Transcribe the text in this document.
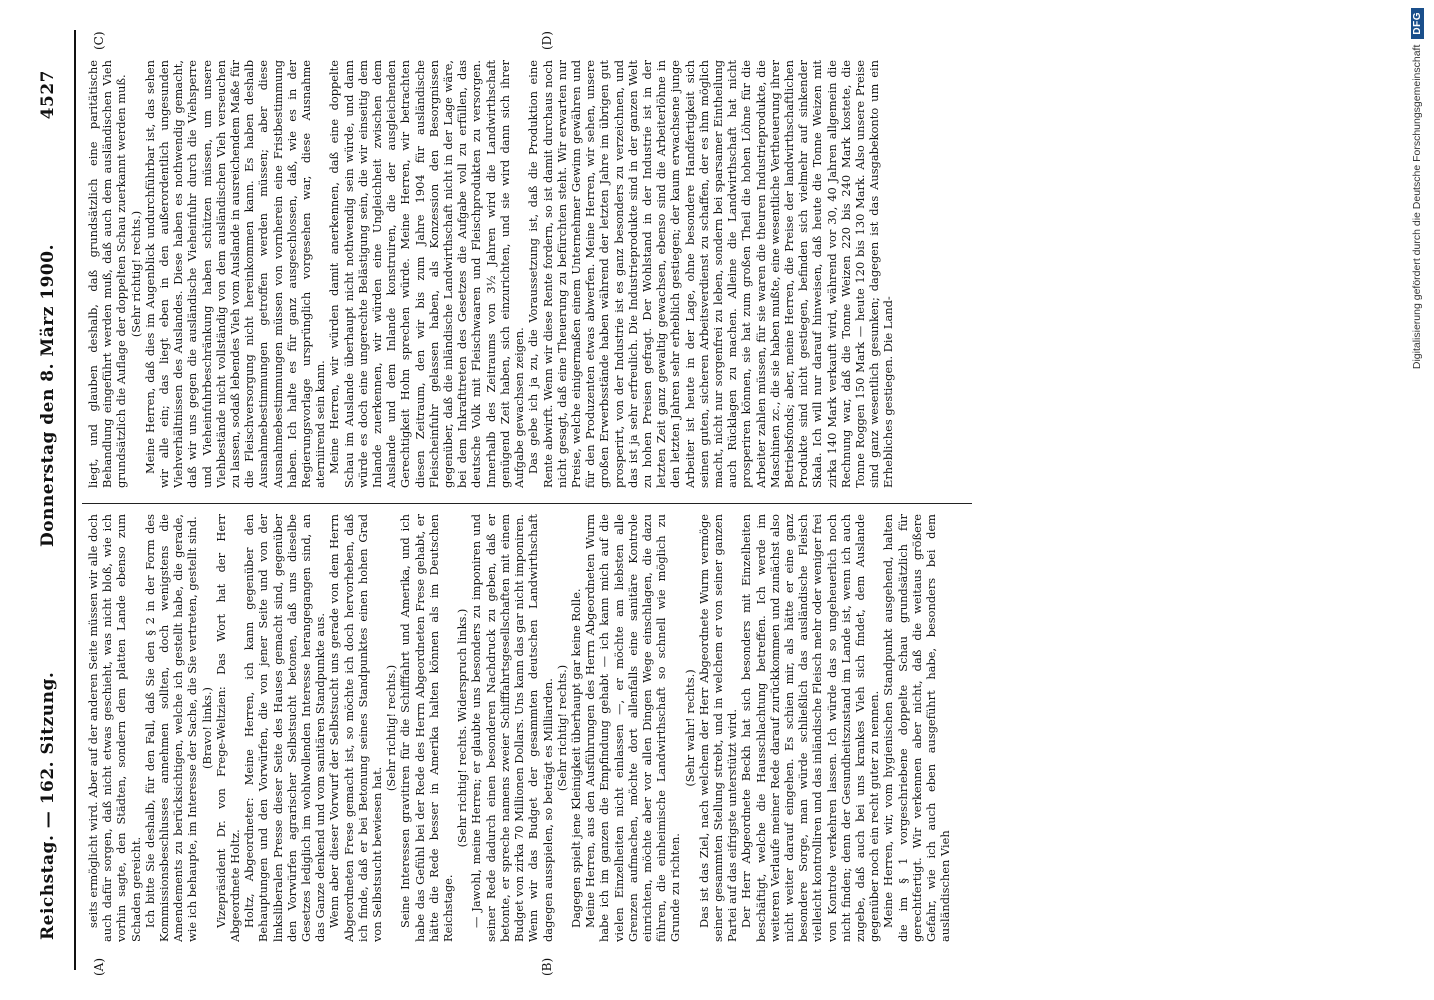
Reichstag. — 162. Sitzung.
Donnerstag den 8. März 1900.
4527
(A)	(B)
(C)	(D)

seits ermöglicht wird. Aber auf der anderen Seite müssen wir alle doch auch dafür sorgen, daß nicht etwas geschieht, was nicht bloß, wie ich vorhin sagte, den Städten, sondern dem platten Lande ebenso zum Schaden gereicht. Ich bitte Sie deshalb, für den Fall, daß Sie den § 2 in der Form des Kommissionsbeschlusses annehmen sollten, doch wenigstens die Amendements zu berücksichtigen, welche ich gestellt habe, die gerade, wie ich behaupte, im Interesse der Sache, die Sie vertreten, gestellt sind. (Bravo! links.) Vizepräsident Dr. von Frege-Weltzien: Das Wort hat der Herr Abgeordnete Holtz. Holtz, Abgeordneter: Meine Herren, ich kann gegenüber den Behauptungen und den Vorwürfen, die von jener Seite und von der linksliberalen Presse dieser Seite des Hauses gemacht sind, gegenüber den Vorwürfen agrarischer Selbstsucht betonen, daß uns dieselbe Gesetzes lediglich im wohlwollenden Interesse herangegangen sind, an das Ganze denkend und vom sanitären Standpunkte aus. Wenn aber dieser Vorwurf der Selbstsucht uns gerade von dem Herrn Abgeordneten Frese gemacht ist, so möchte ich doch hervorheben, daß ich finde, daß er bei Betonung seines Standpunktes einen hohen Grad von Selbstsucht bewiesen hat.

(Sehr richtig! rechts.) Seine Interessen gravitiren für die Schifffahrt und Amerika, und ich habe das Gefühl bei der Rede des Herrn Abgeordneten Frese gehabt, er hätte die Rede besser in Amerika halten können als im Deutschen Reichstage.

(Sehr richtig! rechts. Widerspruch links.) — Jawohl, meine Herren; er glaubte uns besonders zu imponiren und seiner Rede dadurch einen besonderen Nachdruck zu geben, daß er betonte, er spreche namens zweier Schifffahrtsgesellschaften mit einem Budget von zirka 70 Millionen Dollars. Uns kann das gar nicht imponiren. Wenn wir das Budget der gesammten deutschen Landwirthschaft dagegen ausspielen, so beträgt es Milliarden. (Sehr richtig! rechts.) Dagegen spielt jene Kleinigkeit überhaupt gar keine Rolle. Meine Herren, aus den Ausführungen des Herrn Abgeordneten Wurm habe ich im ganzen die Empfindung gehabt — ich kann mich auf die vielen Einzelheiten nicht einlassen —, er möchte am liebsten alle Grenzen aufmachen, möchte dort allenfalls eine sanitäre Kontrole einrichten, möchte aber vor allen Dingen Wege einschlagen, die dazu führen, die einheimische Landwirthschaft so schnell wie möglich zu Grunde zu richten.

(Sehr wahr! rechts.) Das ist das Ziel, nach welchem der Herr Abgeordnete Wurm vermöge seiner gesammten Stellung strebt, und in welchem er von seiner ganzen Partei auf das eifrigste unterstützt wird. Der Herr Abgeordnete Beckh hat sich besonders mit Einzelheiten beschäftigt, welche die Hausschlachtung betreffen. Ich werde im weiteren Verlaufe meiner Rede darauf zurückkommen und zunächst also nicht weiter darauf eingehen. Es schien mir, als hätte er eine ganz besondere Sorge, man würde schließlich das ausländische Fleisch vielleicht kontrolliren und das inländische Fleisch mehr oder weniger frei von Kontrole verkehren lassen. Ich würde das so ungeheuerlich noch nicht finden; denn der Gesundheitszustand im Lande ist, wenn ich auch zugebe, daß auch bei uns krankes Vieh sich findet, dem Auslande gegenüber noch ein recht guter zu nennen. Meine Herren, wir, vom hygienischen Standpunkt ausgehend, halten die im § 1 vorgeschriebene doppelte Schau grundsätzlich für gerechtfertigt. Wir verkennen aber nicht, daß die weitaus größere Gefahr, wie ich auch eben ausgeführt habe, besonders bei dem ausländischen Vieh

liegt, und glauben deshalb, daß grundsätzlich eine paritätische Behandlung eingeführt werden muß, daß auch dem ausländischen Vieh grundsätzlich die Auflage der doppelten Schau zuerkannt werden muß. (Sehr richtig! rechts.) Meine Herren, daß dies im Augenblick undurchführbar ist, das sehen wir alle ein; das liegt eben in den außerordentlich ungesunden Viehverhältnissen des Auslandes. Diese haben es nothwendig gemacht, daß wir uns gegen die ausländische Vieheinfuhr durch die Viehsperre und Vieheinfuhrbeschränkung haben schützen müssen, um unsere Viehbestände nicht vollständig von dem ausländischen Vieh verseuchen zu lassen, sodaß lebendes Vieh vom Auslande in ausreichendem Maße für die Fleischversorgung nicht hereinkommen kann. Es haben deshalb Ausnahmebestimmungen getroffen werden müssen; aber diese Ausnahmebestimmungen müssen von vornherein eine Fristbestimmung haben. Ich halte es für ganz ausgeschlossen, daß, wie es in der Regierungsvorlage ursprünglich vorgesehen war, diese Ausnahme aterniirend sein kann. Meine Herren, wir würden damit anerkennen, daß eine doppelte Schau im Auslande überhaupt nicht nothwendig sein würde, und dann würde es doch eine ungerechte Belästigung sein, die wir einseitig dem Inlande zuerkennen, wir würden eine Ungleichheit zwischen dem Auslande und dem Inlande konstruiren, die der ausgleichenden Gerechtigkeit Hohn sprechen würde. Meine Herren, wir betrachten diesen Zeitraum, den wir bis zum Jahre 1904 für ausländische Fleischeinfuhr gelassen haben, als Konzession den Besorgnissen gegenüber, daß die inländische Landwirthschaft nicht in der Lage wäre, bei dem Inkrafttreten des Gesetzes die Aufgabe voll zu erfüllen, das deutsche Volk mit Fleischwaaren und Fleischprodukten zu versorgen. Innerhalb des Zeitraums von 3½ Jahren wird die Landwirthschaft genügend Zeit haben, sich einzurichten, und sie wird dann sich ihrer Aufgabe gewachsen zeigen. Das gebe ich ja zu, die Voraussetzung ist, daß die Produktion eine Rente abwirft. Wenn wir diese Rente fordern, so ist damit durchaus noch nicht gesagt, daß eine Theuerung zu befürchten steht. Wir erwarten nur Preise, welche einigermaßen einem Unternehmer Gewinn gewähren und für den Produzenten etwas abwerfen. Meine Herren, wir sehen, unsere großen Erwerbsstände haben während der letzten Jahre im übrigen gut prosperirt, von der Industrie ist es ganz besonders zu verzeichnen, und das ist ja sehr erfreulich. Die Industrieprodukte sind in der ganzen Welt zu hohen Preisen gefragt. Der Wohlstand in der Industrie ist in der letzten Zeit ganz gewaltig gewachsen, ebenso sind die Arbeiterlöhne in den letzten Jahren sehr erheblich gestiegen; der kaum erwachsene junge Arbeiter ist heute in der Lage, ohne besondere Handfertigkeit sich seinen guten, sicheren Arbeitsverdienst zu schaffen, der es ihm möglich macht, nicht nur sorgenfrei zu leben, sondern bei sparsamer Eintheilung auch Rücklagen zu machen. Alleine die Landwirthschaft hat nicht prosperiren können, sie hat zum großen Theil die hohen Löhne für die Arbeiter zahlen müssen, für sie waren die theuren Industrieprodukte, die Maschinen zc., die sie haben mußte, eine wesentliche Vertheuerung ihrer Betriebsfonds; aber, meine Herren, die Preise der landwirthschaftlichen Produkte sind nicht gestiegen, befinden sich vielmehr auf sinkender Skala. Ich will nur darauf hinweisen, daß heute die Tonne Weizen mit zirka 140 Mark verkauft wird, während vor 30, 40 Jahren allgemein die Rechnung war, daß die Tonne Weizen 220 bis 240 Mark kostete, die Tonne Roggen 150 Mark — heute 120 bis 130 Mark. Also unsere Preise sind ganz wesentlich gesunken; dagegen ist das Ausgabekonto um ein Erhebliches gestiegen. Die Land-

Digitalisierung gefördert durch die Deutsche Forschungsgemeinschaft
DFG
